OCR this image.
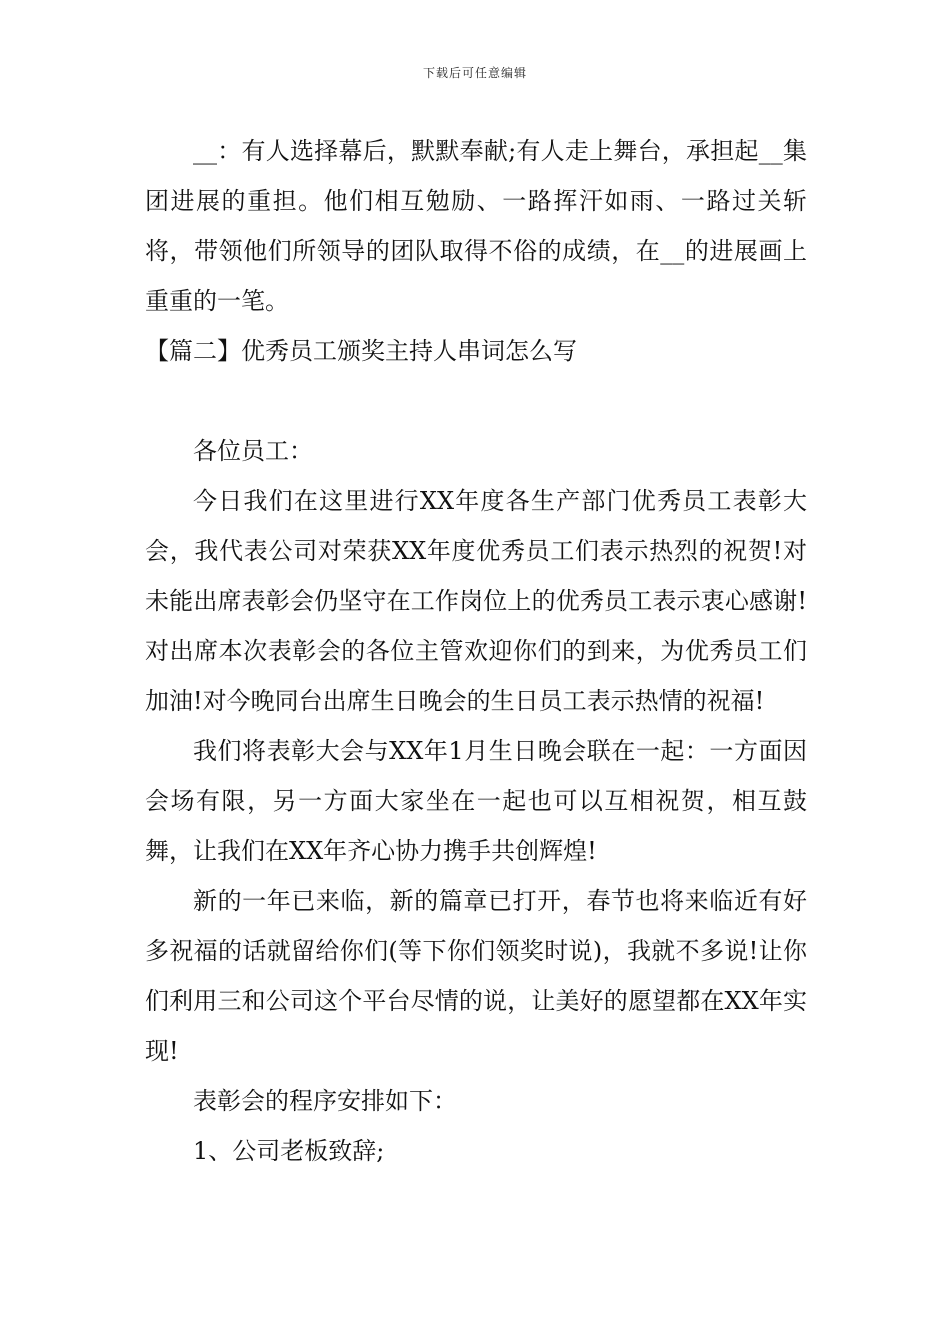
下载后可任意编辑

__：有人选择幕后，默默奉献;有人走上舞台，承担起__集团进展的重担。他们相互勉励、一路挥汗如雨、一路过关斩将，带领他们所领导的团队取得不俗的成绩，在__的进展画上重重的一笔。

【篇二】优秀员工颁奖主持人串词怎么写

各位员工：

今日我们在这里进行XX年度各生产部门优秀员工表彰大会，我代表公司对荣获XX年度优秀员工们表示热烈的祝贺!对未能出席表彰会仍坚守在工作岗位上的优秀员工表示衷心感谢!对出席本次表彰会的各位主管欢迎你们的到来，为优秀员工们加油!对今晚同台出席生日晚会的生日员工表示热情的祝福!

我们将表彰大会与XX年1月生日晚会联在一起：一方面因会场有限，另一方面大家坐在一起也可以互相祝贺，相互鼓舞，让我们在XX年齐心协力携手共创辉煌!

新的一年已来临，新的篇章已打开，春节也将来临近有好多祝福的话就留给你们(等下你们领奖时说)，我就不多说!让你们利用三和公司这个平台尽情的说，让美好的愿望都在XX年实现!

表彰会的程序安排如下：

1、公司老板致辞;
